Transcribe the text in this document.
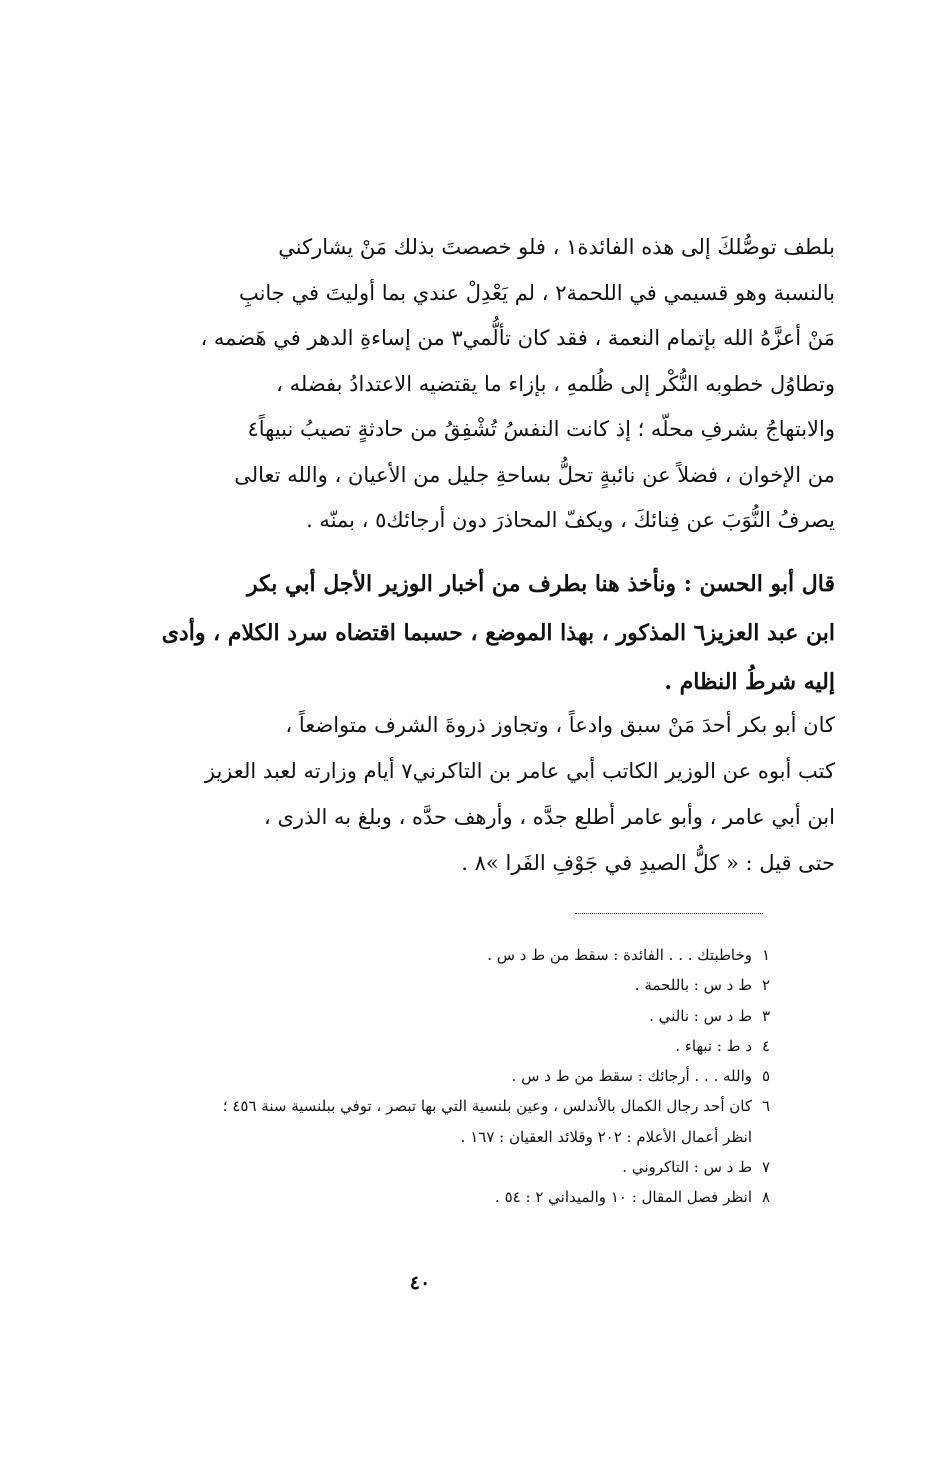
بلطف توصُّلكَ إلى هذه الفائدة١ ، فلو خصصتَ بذلك مَنْ يشاركني
بالنسبة وهو قسيمي في اللحمة٢ ، لم يَعْدِلْ عندي بما أوليتَ في جانبِ
مَنْ أعزَّهُ الله بإتمام النعمة ، فقد كان تألُّمي٣ من إساءةِ الدهر في هَضمه ،
وتطاوُل خطوبه النُّكْر إلى ظُلمهِ ، بإزاء ما يقتضيه الاعتدادُ بفضله ،
والابتهاجُ بشرفِ محلّه ؛ إذ كانت النفسُ تُشْفِقُ من حادثةٍ تصيبُ نبيهاً٤
من الإخوان ، فضلاً عن نائبةٍ تحلُّ بساحةِ جليل من الأعيان ، والله تعالى
يصرفُ النُّوَبَ عن فِنائكَ ، ويكفّ المحاذرَ دون أرجائك٥ ، بمنّه .
قال أبو الحسن : ونأخذ هنا بطرف من أخبار الوزير الأجل أبي بكر
ابن عبد العزيز٦ المذكور ، بهذا الموضع ، حسبما اقتضاه سرد الكلام ، وأدى
إليه شرطُ النظام .
كان أبو بكر أحدَ مَنْ سبق وادعاً ، وتجاوز ذروةَ الشرف متواضعاً ،
كتب أبوه عن الوزير الكاتب أبي عامر بن التاكرني٧ أيام وزارته لعبد العزيز
ابن أبي عامر ، وأبو عامر أطلع جدَّه ، وأرهف حدَّه ، وبلغ به الذرى ،
حتى قيل : « كلُّ الصيدِ في جَوْفِ الفَرا »٨ .
١وخاطبتك . . . الفائدة : سقط من ط د س .
٢ط د س : باللحمة .
٣ط د س : نالني .
٤د ط : نبهاء .
٥والله . . . أرجائك : سقط من ط د س .
٦كان أحد رجال الكمال بالأندلس ، وعين بلنسية التي بها تبصر ، توفي ببلنسية سنة ٤٥٦ ؛
انظر أعمال الأعلام : ٢٠٢ وقلائد العقيان : ١٦٧ .
٧ط د س : التاكروني .
٨انظر فصل المقال : ١٠ والميداني ٢ : ٥٤ .
٤٠
